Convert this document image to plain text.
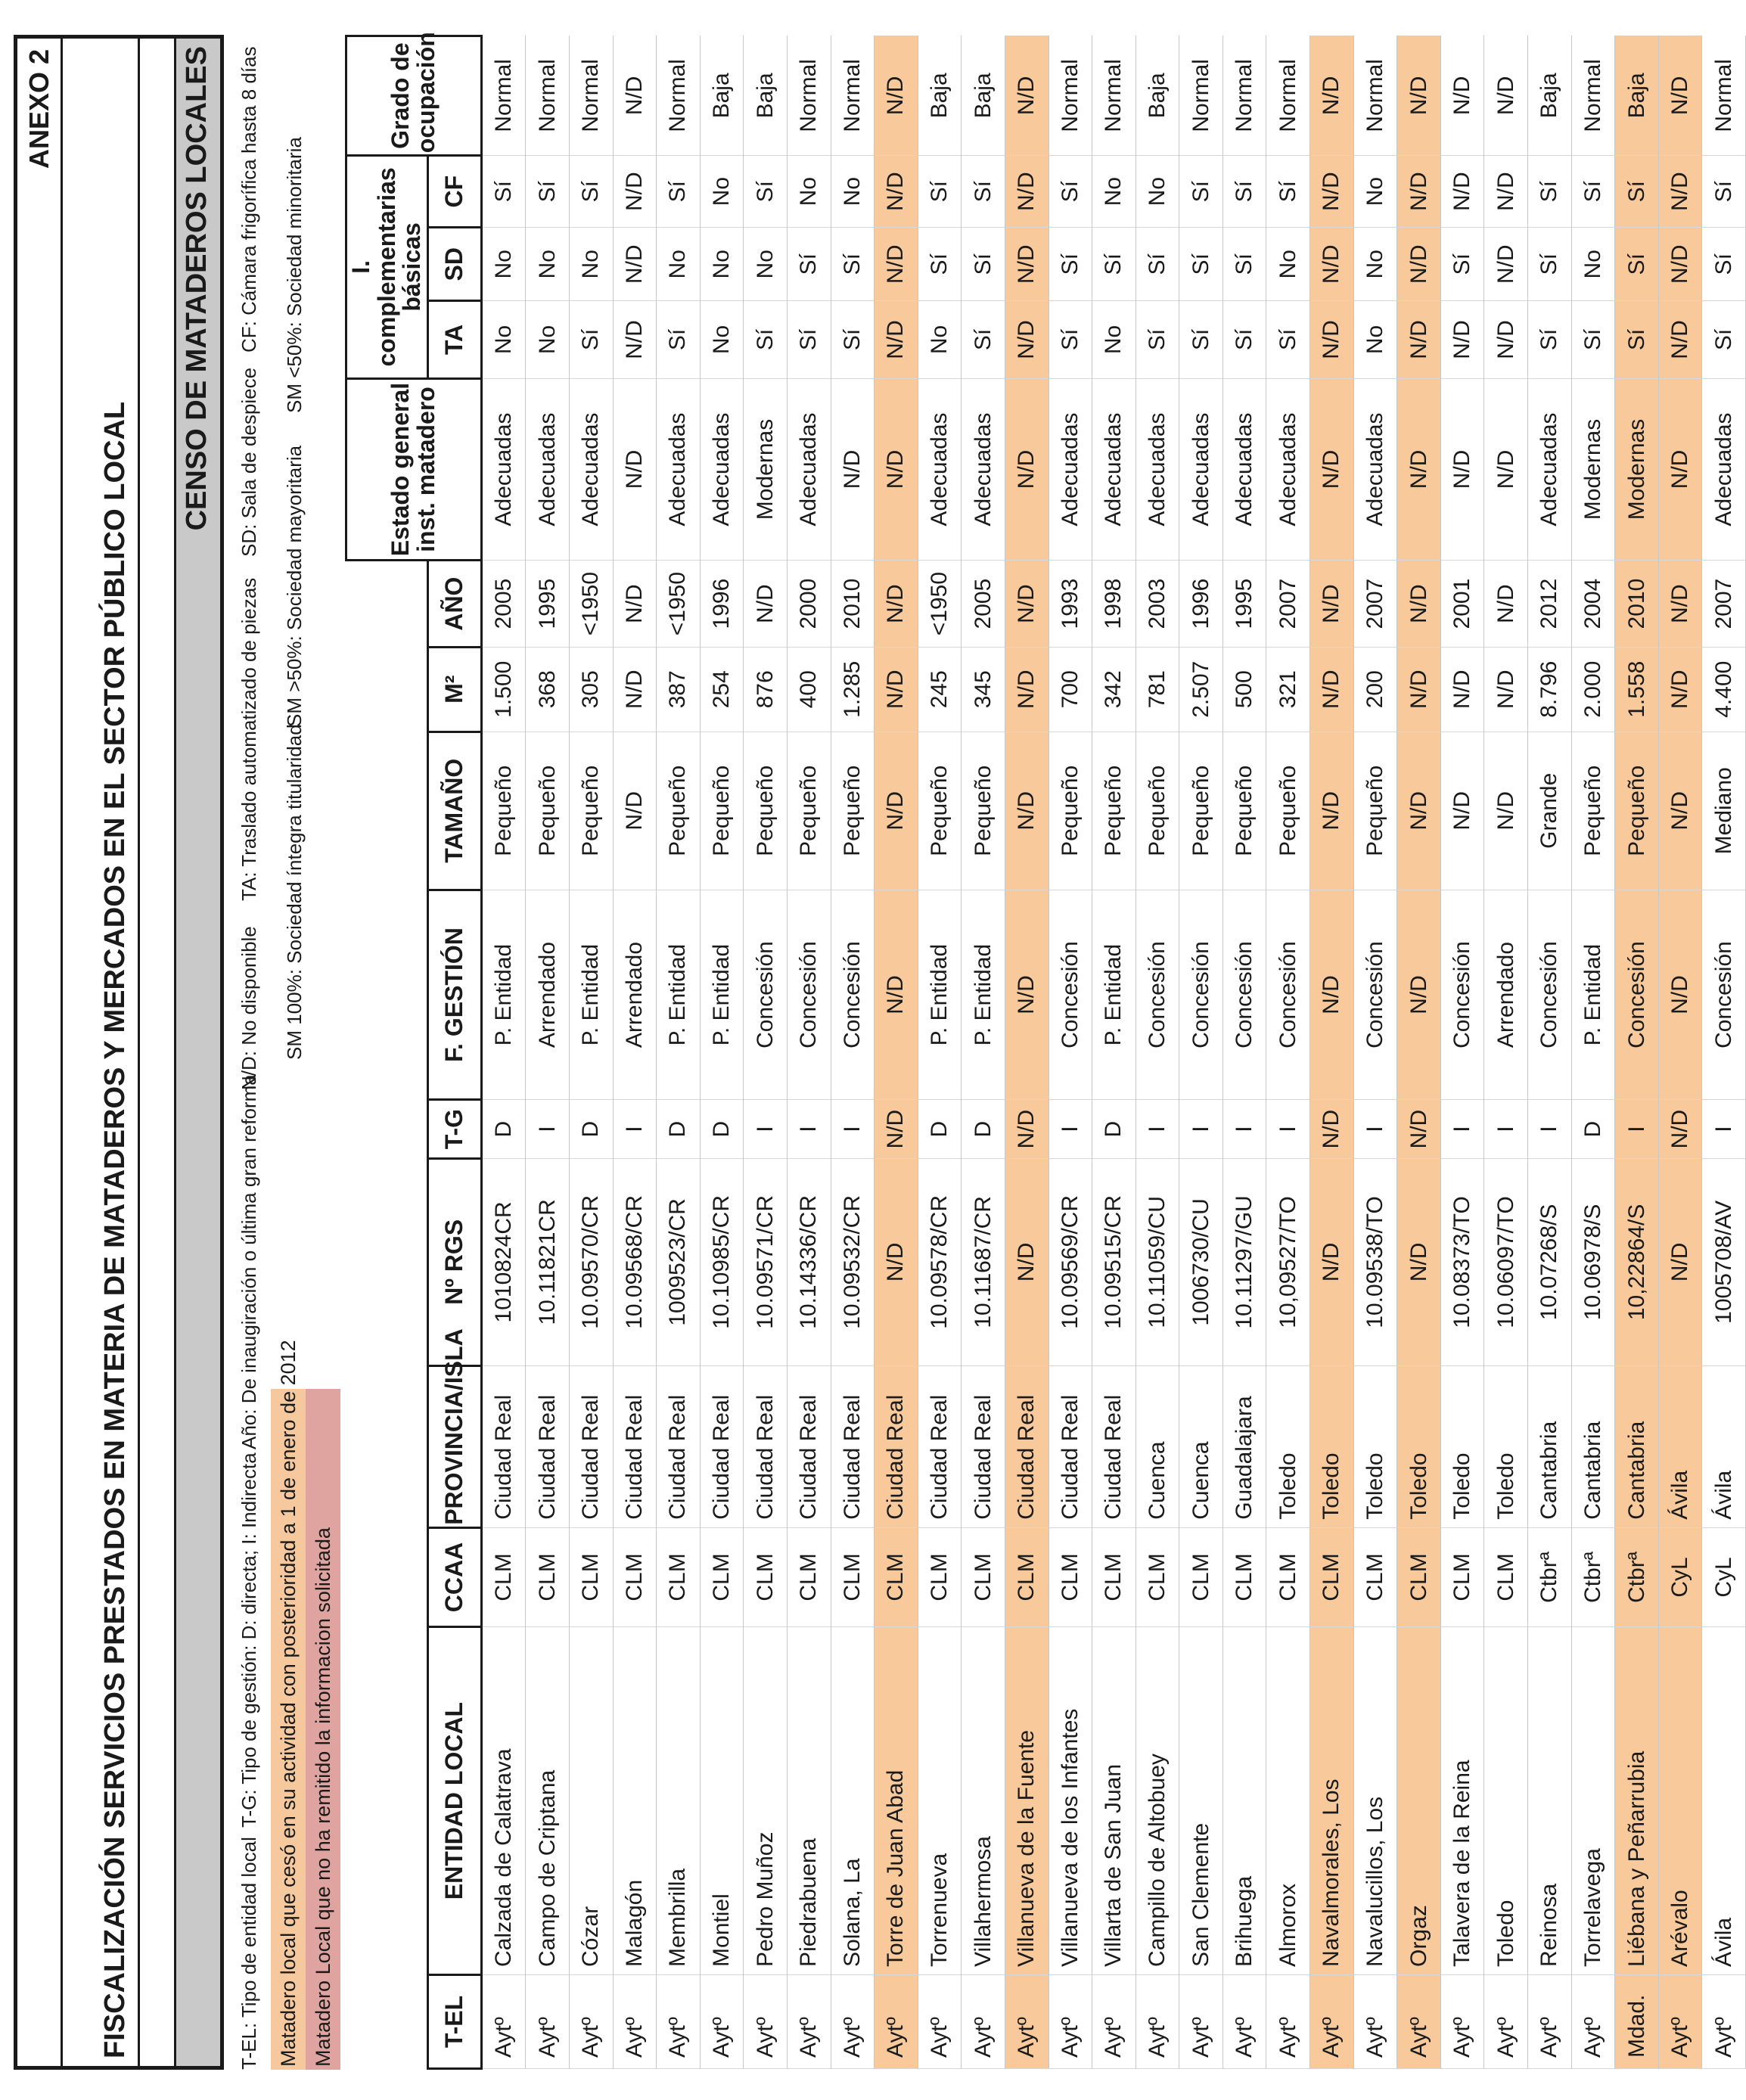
ANEXO 2
FISCALIZACIÓN SERVICIOS PRESTADOS EN MATERIA DE MATADEROS Y MERCADOS EN EL SECTOR PÚBLICO LOCAL
CENSO DE MATADEROS LOCALES
T-EL: Tipo de entidad local
T-G: Tipo de gestión: D: directa; I: Indirecta
Año: De inaugiración o última gran reforma
N/D: No disponible
TA: Traslado automatizado de piezas
SD: Sala de despiece
CF: Cámara frigorífica hasta 8 días
Matadero local que cesó en su actividad con posterioridad a 1 de enero de 2012
SM 100%: Sociedad íntegra titularidad
SM >50%: Sociedad mayoritaria
SM <50%: Sociedad minoritaria
Matadero Local que no ha remitido la informacion solicitada
										Estado general
inst. matadero	I. complementarias básicas			Grado de
ocupación
T-EL	ENTIDAD LOCAL	CCAA	PROVINCIA/ISLA	Nº RGS	T-G	F. GESTIÓN	TAMAÑO	M²	AÑO		TA	SD	CF	
Aytº	Calzada de Calatrava	CLM	Ciudad Real	1010824CR	D	P. Entidad	Pequeño	1.500	2005	Adecuadas	No	No	Sí	Normal
Aytº	Campo de Criptana	CLM	Ciudad Real	10.11821CR	I	Arrendado	Pequeño	368	1995	Adecuadas	No	No	Sí	Normal
Aytº	Cózar	CLM	Ciudad Real	10.09570/CR	D	P. Entidad	Pequeño	305	<1950	Adecuadas	Sí	No	Sí	Normal
Aytº	Malagón	CLM	Ciudad Real	10.09568/CR	I	Arrendado	N/D	N/D	N/D	N/D	N/D	N/D	N/D	N/D
Aytº	Membrilla	CLM	Ciudad Real	1009523/CR	D	P. Entidad	Pequeño	387	<1950	Adecuadas	Sí	No	Sí	Normal
Aytº	Montiel	CLM	Ciudad Real	10.10985/CR	D	P. Entidad	Pequeño	254	1996	Adecuadas	No	No	No	Baja
Aytº	Pedro Muñoz	CLM	Ciudad Real	10.09571/CR	I	Concesión	Pequeño	876	N/D	Modernas	Sí	No	Sí	Baja
Aytº	Piedrabuena	CLM	Ciudad Real	10.14336/CR	I	Concesión	Pequeño	400	2000	Adecuadas	Sí	Sí	No	Normal
Aytº	Solana, La	CLM	Ciudad Real	10.09532/CR	I	Concesión	Pequeño	1.285	2010	N/D	Sí	Sí	No	Normal
Aytº	Torre de Juan Abad	CLM	Ciudad Real	N/D	N/D	N/D	N/D	N/D	N/D	N/D	N/D	N/D	N/D	N/D
Aytº	Torrenueva	CLM	Ciudad Real	10.09578/CR	D	P. Entidad	Pequeño	245	<1950	Adecuadas	No	Sí	Sí	Baja
Aytº	Villahermosa	CLM	Ciudad Real	10.11687/CR	D	P. Entidad	Pequeño	345	2005	Adecuadas	Sí	Sí	Sí	Baja
Aytº	Villanueva de la Fuente	CLM	Ciudad Real	N/D	N/D	N/D	N/D	N/D	N/D	N/D	N/D	N/D	N/D	N/D
Aytº	Villanueva de los Infantes	CLM	Ciudad Real	10.09569/CR	I	Concesión	Pequeño	700	1993	Adecuadas	Sí	Sí	Sí	Normal
Aytº	Villarta de San Juan	CLM	Ciudad Real	10.09515/CR	D	P. Entidad	Pequeño	342	1998	Adecuadas	No	Sí	No	Normal
Aytº	Campillo de Altobuey	CLM	Cuenca	10.11059/CU	I	Concesión	Pequeño	781	2003	Adecuadas	Sí	Sí	No	Baja
Aytº	San Clemente	CLM	Cuenca	1006730/CU	I	Concesión	Pequeño	2.507	1996	Adecuadas	Sí	Sí	Sí	Normal
Aytº	Brihuega	CLM	Guadalajara	10.11297/GU	I	Concesión	Pequeño	500	1995	Adecuadas	Sí	Sí	Sí	Normal
Aytº	Almorox	CLM	Toledo	10,09527/TO	I	Concesión	Pequeño	321	2007	Adecuadas	Sí	No	Sí	Normal
Aytº	Navalmorales, Los	CLM	Toledo	N/D	N/D	N/D	N/D	N/D	N/D	N/D	N/D	N/D	N/D	N/D
Aytº	Navalucillos, Los	CLM	Toledo	10.09538/TO	I	Concesión	Pequeño	200	2007	Adecuadas	No	No	No	Normal
Aytº	Orgaz	CLM	Toledo	N/D	N/D	N/D	N/D	N/D	N/D	N/D	N/D	N/D	N/D	N/D
Aytº	Talavera de la Reina	CLM	Toledo	10.08373/TO	I	Concesión	N/D	N/D	2001	N/D	N/D	Sí	N/D	N/D
Aytº	Toledo	CLM	Toledo	10.06097/TO	I	Arrendado	N/D	N/D	N/D	N/D	N/D	N/D	N/D	N/D
Aytº	Reinosa	Ctbrª	Cantabria	10.07268/S	I	Concesión	Grande	8.796	2012	Adecuadas	Sí	Sí	Sí	Baja
Aytº	Torrelavega	Ctbrª	Cantabria	10.06978/S	D	P. Entidad	Pequeño	2.000	2004	Modernas	Sí	No	Sí	Normal
Mdad.	Liébana y Peñarrubia	Ctbrª	Cantabria	10,22864/S	I	Concesión	Pequeño	1.558	2010	Modernas	Sí	Sí	Sí	Baja
Aytº	Arévalo	CyL	Ávila	N/D	N/D	N/D	N/D	N/D	N/D	N/D	N/D	N/D	N/D	N/D
Aytº	Ávila	CyL	Ávila	1005708/AV	I	Concesión	Mediano	4.400	2007	Adecuadas	Sí	Sí	Sí	Normal
